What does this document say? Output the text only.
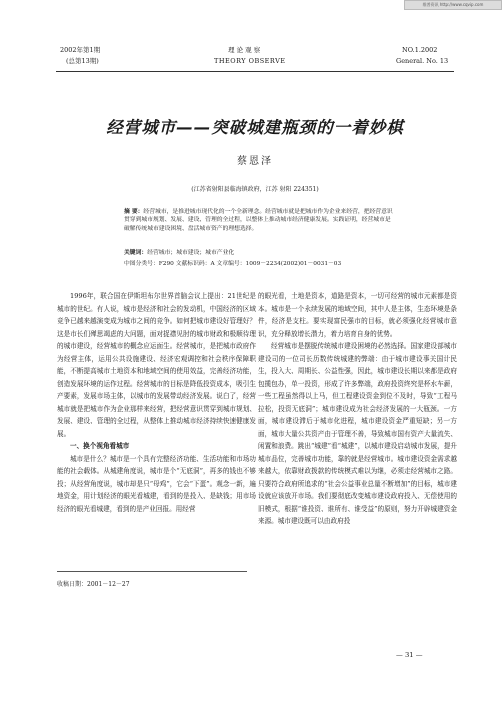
维普资讯 http://www.cqvip.com
2002年第1期
(总第13期)
理 论 观 察
THEORY OBSERVE
NO.1.2002
General. No. 13
经营城市——突破城建瓶颈的一着妙棋
蔡恩泽
(江苏省射阳县临海镇政府，江苏 射阳 224351)
摘 要：经营城市，是推进城市现代化的一个全新理念。经营城市就是把城市作为企业来经营，把经营意识贯穿到城市规划、发展、建设、管理的全过程，以整体上推动城市经济健康发展。实践证明，经营城市是破解传统城市建设困境、盘活城市资产的理想选择。
关键词：经营城市；城市建设；城市产业化
中图分类号：F290 文献标识码：A 文章编号：1009－2234(2002)01－0031－03

1996年，联合国在伊斯坦布尔世界首脑会议上提出：21世纪是城市的世纪。有人说，城市是经济和社会的发动机，中国经济的区域竞争已越来越演变成为城市之间的竞争。如何把城市建设好管理好？这是市长们殚思竭虑的大问题，面对捉襟见肘的城市财政和极顺待理的城市建设，经营城市的概念应运面生。经营城市，是把城市政府作为经营主体，运用公共设施建设、经济宏观调控和社会秩序保障职能，不断提高城市土地资本和地域空间的使用效益，完善经济功能，创造发展环境的运作过程。经营城市的目标是降低投资成本，吸引生产要素，发展市场主体，以城市的发展带动经济发展。说白了，经营城市就是把城市作为企业那样来经营，把经营意识贯穿到城市规划、发展、建设、管理的全过程，从整体上推动城市经济持续快速健康发展。

一、换个视角看城市

城市是什么？城市是一个具有完整经济功能、生活功能和市场功能的社会载体。从城建角度说，城市是个“无底洞”，再多的钱也不够投；从经营角度说，城市却是只“母鸡”，它会“下蛋”。观念一新，遍地资金，用计划经济的眼光看城建，看到的是投入、是缺钱；用市场经济的眼光看城建，看到的是产业回报。用经营

的眼光看，土地是资本，道路是资本，一切可经营的城市元素都是资本。城市是一个永续发展的地域空间，其中人是主体，生态环境是条件，经济是支柱。要实现富民强市的目标，就必须强化经营城市意识，充分释放增长潜力，着力培育自身的优势。

经营城市是摆脱传统城市建设困境的必然选择。国家建设部城市建设司的一位司长历数传统城建的弊端：由于城市建设事关国计民生，投入大、周期长、公益性强，因此，城市建设长期以来都是政府包揽包办，单一投资，形成了许多弊端，政府投资终究是杯水车薪，一些工程虽然得以上马，但工程建设资金到位不及时，导致“工程马拉松，投资无底洞”；城市建设成为社会经济发展的一大瓶颈。一方面，城市建设滞后于城市化进程，城市建设资金严重短缺；另一方面，城市大量公共资产由于管理不善，导致城市国有资产大量流失、闲置和浪费。跳出“城建”看“城建”，以城市建设启动城市发展，提升城市品位，完善城市功能，靠的就是经营城市。城市建设资金需求越来越大，依靠财政拨款的传统模式难以为继，必须走经营城市之路。只要符合政府所追求的“社会公益事业总量不断增加”的目标，城市建设就应该放开市场。我们要彻底改变城市建设政府投入、无偿使用的旧模式，根据“谁投资、谁所有、谁受益”的原则，努力开辟城建资金来源。城市建设既可以由政府投

收稿日期：2001－12－27
— 31 —
